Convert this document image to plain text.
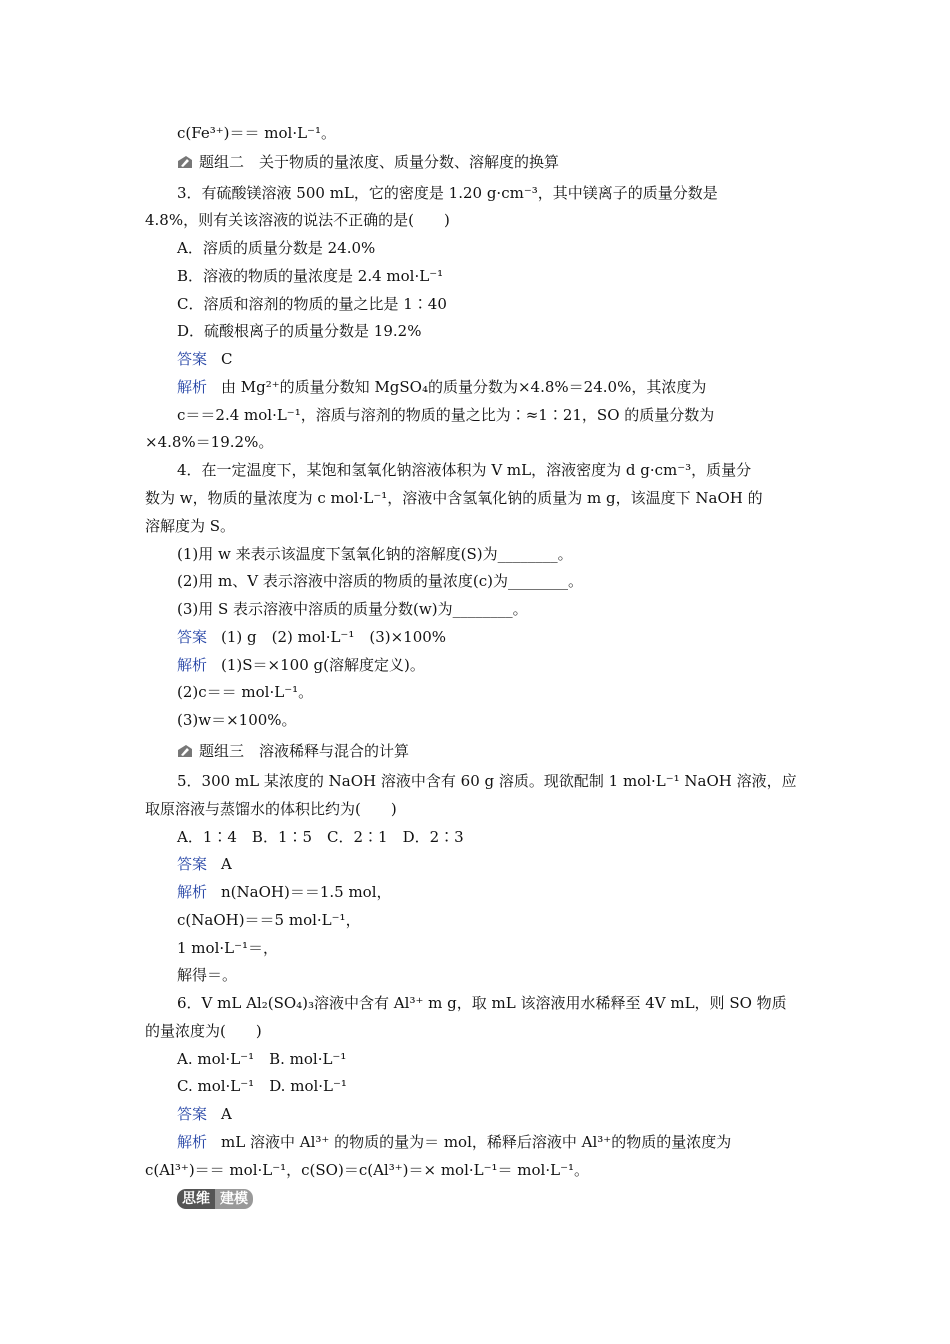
c(Fe³⁺)＝＝ mol·L⁻¹。
题组二　关于物质的量浓度、质量分数、溶解度的换算
3．有硫酸镁溶液 500 mL，它的密度是 1.20 g·cm⁻³，其中镁离子的质量分数是
4.8%，则有关该溶液的说法不正确的是(　　)
A．溶质的质量分数是 24.0%
B．溶液的物质的量浓度是 2.4 mol·L⁻¹
C．溶质和溶剂的物质的量之比是 1∶40
D．硫酸根离子的质量分数是 19.2%
答案 C
解析 由 Mg²⁺的质量分数知 MgSO₄的质量分数为×4.8%＝24.0%，其浓度为
c＝＝2.4 mol·L⁻¹，溶质与溶剂的物质的量之比为∶≈1∶21，SO 的质量分数为
×4.8%＝19.2%。
4．在一定温度下，某饱和氢氧化钠溶液体积为 V mL，溶液密度为 d g·cm⁻³，质量分
数为 w，物质的量浓度为 c mol·L⁻¹，溶液中含氢氧化钠的质量为 m g，该温度下 NaOH 的
溶解度为 S。
(1)用 w 来表示该温度下氢氧化钠的溶解度(S)为________。
(2)用 m、V 表示溶液中溶质的物质的量浓度(c)为________。
(3)用 S 表示溶液中溶质的质量分数(w)为________。
答案 (1) g　(2) mol·L⁻¹　(3)×100%
解析 (1)S＝×100 g(溶解度定义)。
(2)c＝＝ mol·L⁻¹。
(3)w＝×100%。
题组三　溶液稀释与混合的计算
5．300 mL 某浓度的 NaOH 溶液中含有 60 g 溶质。现欲配制 1 mol·L⁻¹ NaOH 溶液，应
取原溶液与蒸馏水的体积比约为(　　)
A．1∶4　B．1∶5　C．2∶1　D．2∶3
答案 A
解析 n(NaOH)＝＝1.5 mol，
c(NaOH)＝＝5 mol·L⁻¹，
1 mol·L⁻¹＝，
解得＝。
6．V mL Al₂(SO₄)₃溶液中含有 Al³⁺ m g，取 mL 该溶液用水稀释至 4V mL，则 SO 物质
的量浓度为(　　)
A. mol·L⁻¹　B. mol·L⁻¹
C. mol·L⁻¹　D. mol·L⁻¹
答案 A
解析 mL 溶液中 Al³⁺ 的物质的量为＝ mol，稀释后溶液中 Al³⁺的物质的量浓度为
c(Al³⁺)＝＝ mol·L⁻¹，c(SO)＝c(Al³⁺)＝× mol·L⁻¹＝ mol·L⁻¹。
思维 建模
